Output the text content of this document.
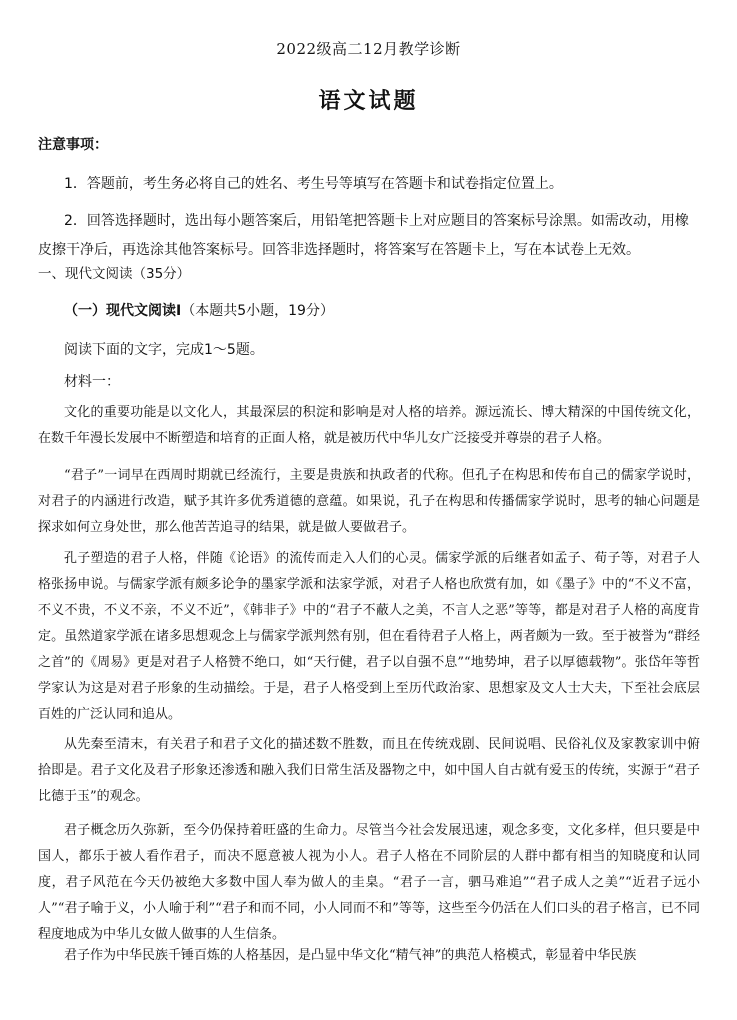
2022级高二12月教学诊断
语文试题
注意事项：
1．答题前，考生务必将自己的姓名、考生号等填写在答题卡和试卷指定位置上。
2．回答选择题时，选出每小题答案后，用铅笔把答题卡上对应题目的答案标号涂黑。如需改动，用橡皮擦干净后，再选涂其他答案标号。回答非选择题时，将答案写在答题卡上，写在本试卷上无效。
一、现代文阅读（35分）
（一）现代文阅读Ⅰ（本题共5小题，19分）
阅读下面的文字，完成1～5题。
材料一：
文化的重要功能是以文化人，其最深层的积淀和影响是对人格的培养。源远流长、博大精深的中国传统文化，在数千年漫长发展中不断塑造和培育的正面人格，就是被历代中华儿女广泛接受并尊崇的君子人格。
“君子”一词早在西周时期就已经流行，主要是贵族和执政者的代称。但孔子在构思和传布自己的儒家学说时，对君子的内涵进行改造，赋予其许多优秀道德的意蕴。如果说，孔子在构思和传播儒家学说时，思考的轴心问题是探求如何立身处世，那么他苦苦追寻的结果，就是做人要做君子。
孔子塑造的君子人格，伴随《论语》的流传而走入人们的心灵。儒家学派的后继者如孟子、荀子等，对君子人格张扬申说。与儒家学派有颇多论争的墨家学派和法家学派，对君子人格也欣赏有加，如《墨子》中的“不义不富，不义不贵，不义不亲，不义不近”，《韩非子》中的“君子不蔽人之美，不言人之恶”等等，都是对君子人格的高度肯定。虽然道家学派在诸多思想观念上与儒家学派判然有别，但在看待君子人格上，两者颇为一致。至于被誉为“群经之首”的《周易》更是对君子人格赞不绝口，如“天行健，君子以自强不息”“地势坤，君子以厚德载物”。张岱年等哲学家认为这是对君子形象的生动描绘。于是，君子人格受到上至历代政治家、思想家及文人士大夫，下至社会底层百姓的广泛认同和追从。
从先秦至清末，有关君子和君子文化的描述数不胜数，而且在传统戏剧、民间说唱、民俗礼仪及家教家训中俯拾即是。君子文化及君子形象还渗透和融入我们日常生活及器物之中，如中国人自古就有爱玉的传统，实源于“君子比德于玉”的观念。
君子概念历久弥新，至今仍保持着旺盛的生命力。尽管当今社会发展迅速，观念多变，文化多样，但只要是中国人，都乐于被人看作君子，而决不愿意被人视为小人。君子人格在不同阶层的人群中都有相当的知晓度和认同度，君子风范在今天仍被绝大多数中国人奉为做人的圭臬。“君子一言，驷马难追”“君子成人之美”“近君子远小人”“君子喻于义，小人喻于利”“君子和而不同，小人同而不和”等等，这些至今仍活在人们口头的君子格言，已不同程度地成为中华儿女做人做事的人生信条。
君子作为中华民族千锤百炼的人格基因，是凸显中华文化“精气神”的典范人格模式，彰显着中华民族
